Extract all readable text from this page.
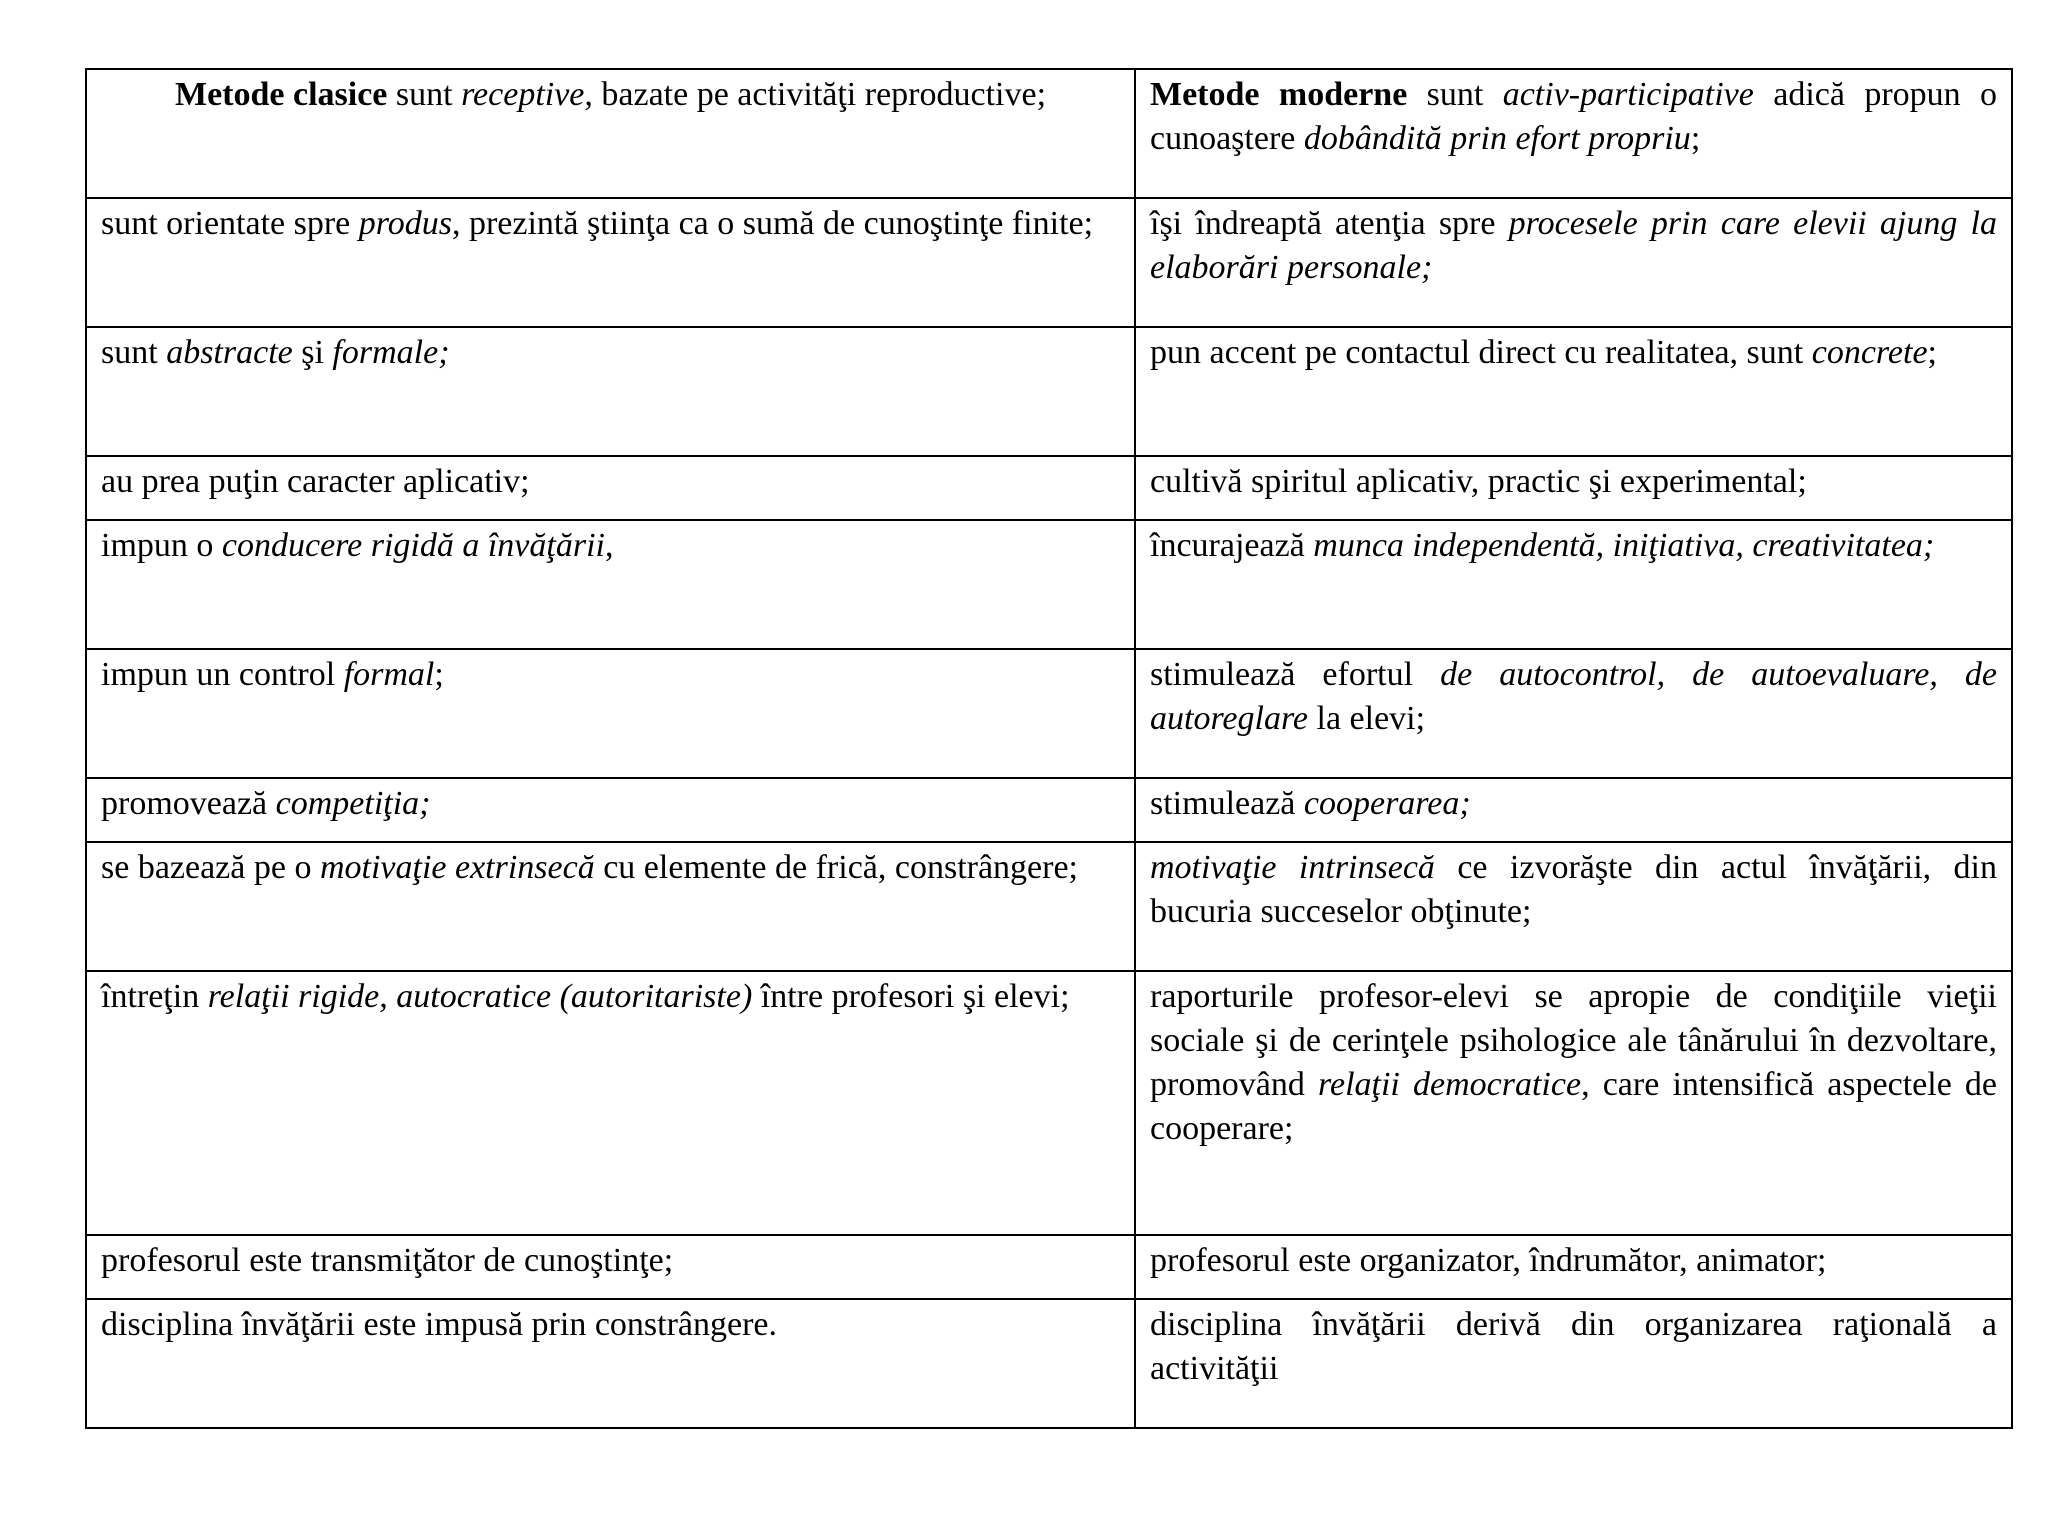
Metode clasice sunt receptive, bazate pe activităţi reproductive;	Metode moderne sunt activ-participative adică propun o cunoaştere dobândită prin efort propriu;
sunt orientate spre produs, prezintă ştiinţa ca o sumă de cunoştinţe finite;	îşi îndreaptă atenţia spre procesele prin care elevii ajung la elaborări personale;
sunt abstracte şi formale;	pun accent pe contactul direct cu realitatea, sunt concrete;
au prea puţin caracter aplicativ;	cultivă spiritul aplicativ, practic şi experimental;
impun o conducere rigidă a învăţării,	încurajează munca independentă, iniţiativa, creativitatea;
impun un control formal;	stimulează efortul de autocontrol, de autoevaluare, de autoreglare la elevi;
promovează competiţia;	stimulează cooperarea;
se bazează pe o motivaţie extrinsecă cu elemente de frică, constrângere;	motivaţie intrinsecă ce izvorăşte din actul învăţării, din bucuria succeselor obţinute;
întreţin relaţii rigide, autocratice (autoritariste) între profesori şi elevi;	raporturile profesor-elevi se apropie de condiţiile vieţii sociale şi de cerinţele psihologice ale tânărului în dezvoltare, promovând relaţii democratice, care intensifică aspectele de cooperare;
profesorul este transmiţător de cunoştinţe;	profesorul este organizator, îndrumător, animator;
disciplina învăţării este impusă prin constrângere.	disciplina învăţării derivă din organizarea raţională a activităţii
